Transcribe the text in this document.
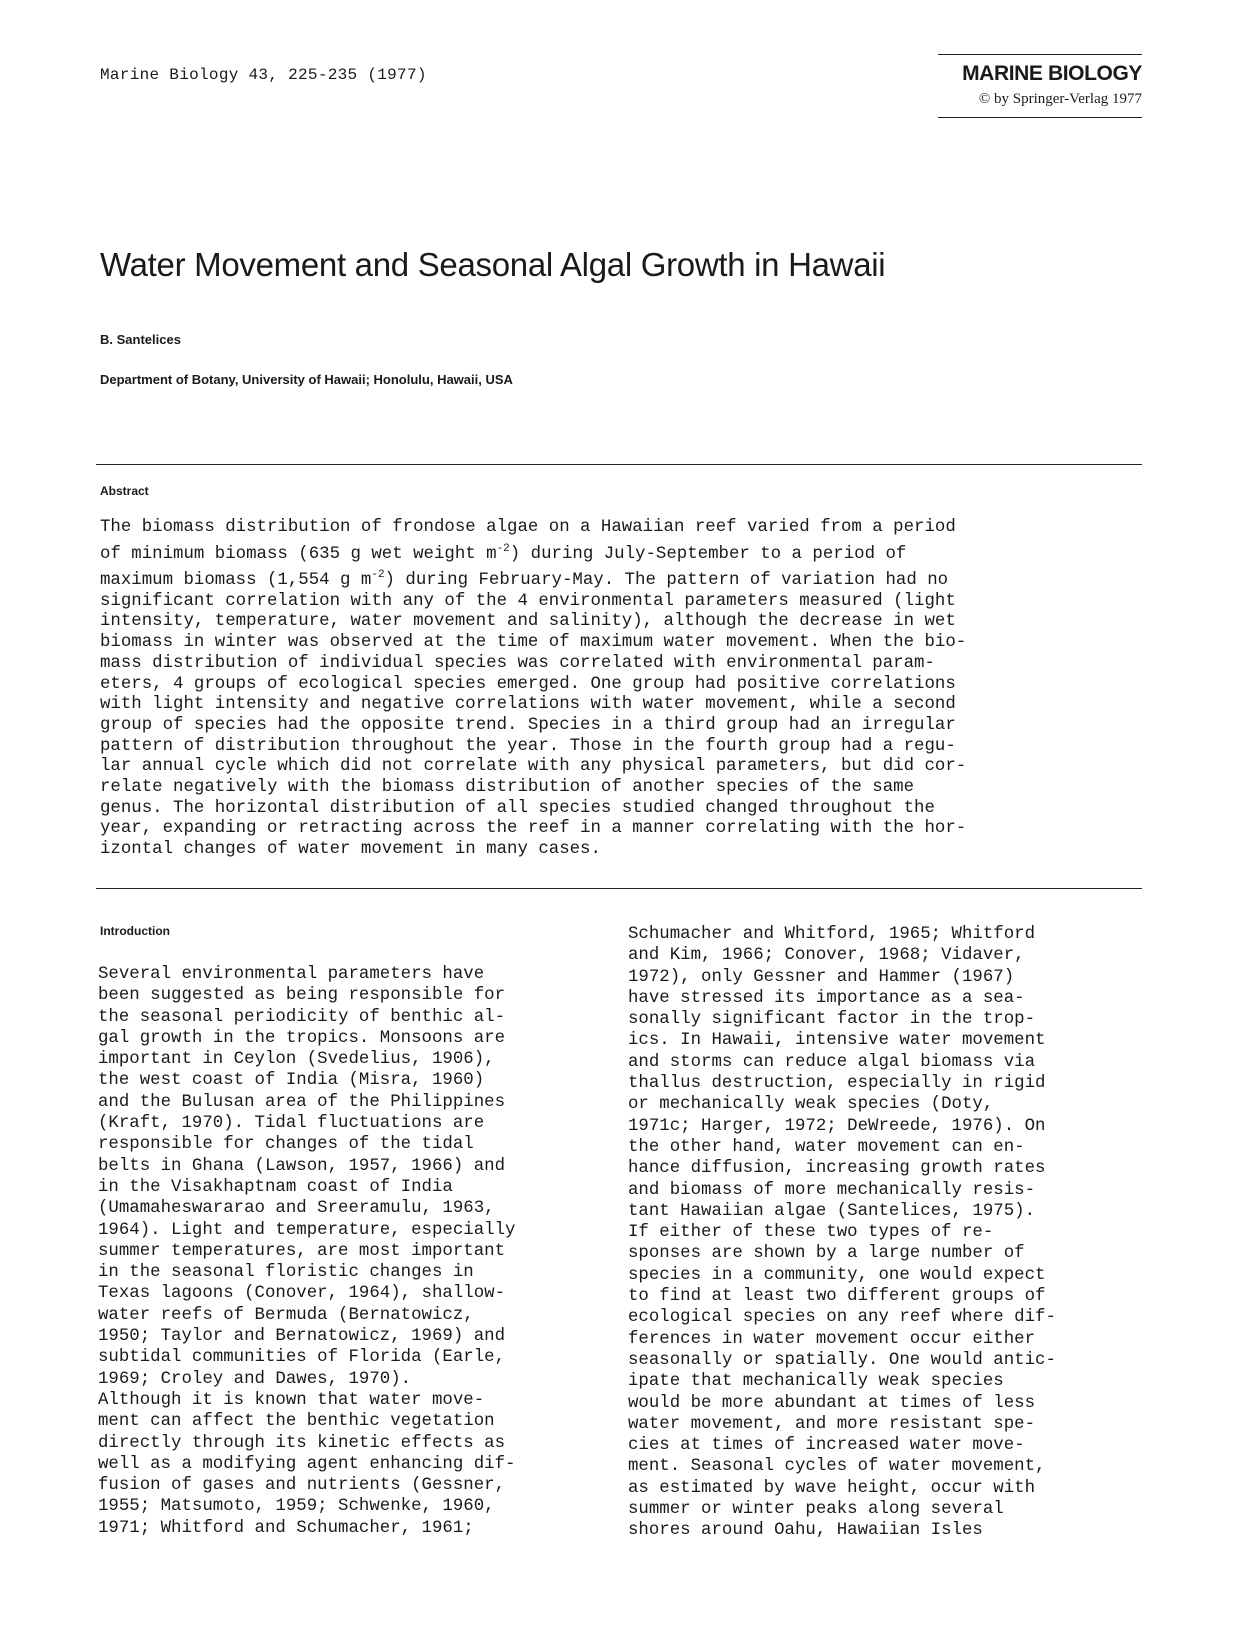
Marine Biology 43, 225-235 (1977)	MARINE BIOLOGY
© by Springer-Verlag 1977
Water Movement and Seasonal Algal Growth in Hawaii
B. Santelices
Department of Botany, University of Hawaii; Honolulu, Hawaii, USA
Abstract
The biomass distribution of frondose algae on a Hawaiian reef varied from a period
of minimum biomass (635 g wet weight $m^{-2}$) during July-September to a period of
maximum biomass (1,554 g $m^{-2}$) during February-May. The pattern of variation had no
significant correlation with any of the 4 environmental parameters measured (light
intensity, temperature, water movement and salinity), although the decrease in wet
biomass in winter was observed at the time of maximum water movement. When the bio-
mass distribution of individual species was correlated with environmental param-
eters, 4 groups of ecological species emerged. One group had positive correlations
with light intensity and negative correlations with water movement, while a second
group of species had the opposite trend. Species in a third group had an irregular
pattern of distribution throughout the year. Those in the fourth group had a regu-
lar annual cycle which did not correlate with any physical parameters, but did cor-
relate negatively with the biomass distribution of another species of the same
genus. The horizontal distribution of all species studied changed throughout the
year, expanding or retracting across the reef in a manner correlating with the hor-
izontal changes of water movement in many cases.
Introduction
Several environmental parameters have
been suggested as being responsible for
the seasonal periodicity of benthic al-
gal growth in the tropics. Monsoons are
important in Ceylon (Svedelius, 1906),
the west coast of India (Misra, 1960)
and the Bulusan area of the Philippines
(Kraft, 1970). Tidal fluctuations are
responsible for changes of the tidal
belts in Ghana (Lawson, 1957, 1966) and
in the Visakhaptnam coast of India
(Umamaheswararao and Sreeramulu, 1963,
1964). Light and temperature, especially
summer temperatures, are most important
in the seasonal floristic changes in
Texas lagoons (Conover, 1964), shallow-
water reefs of Bermuda (Bernatowicz,
1950; Taylor and Bernatowicz, 1969) and
subtidal communities of Florida (Earle,
1969; Croley and Dawes, 1970).
Although it is known that water move-
ment can affect the benthic vegetation
directly through its kinetic effects as
well as a modifying agent enhancing dif-
fusion of gases and nutrients (Gessner,
1955; Matsumoto, 1959; Schwenke, 1960,
1971; Whitford and Schumacher, 1961;
Schumacher and Whitford, 1965; Whitford
and Kim, 1966; Conover, 1968; Vidaver,
1972), only Gessner and Hammer (1967)
have stressed its importance as a sea-
sonally significant factor in the trop-
ics. In Hawaii, intensive water movement
and storms can reduce algal biomass via
thallus destruction, especially in rigid
or mechanically weak species (Doty,
1971c; Harger, 1972; DeWreede, 1976). On
the other hand, water movement can en-
hance diffusion, increasing growth rates
and biomass of more mechanically resis-
tant Hawaiian algae (Santelices, 1975).
If either of these two types of re-
sponses are shown by a large number of
species in a community, one would expect
to find at least two different groups of
ecological species on any reef where dif-
ferences in water movement occur either
seasonally or spatially. One would antic-
ipate that mechanically weak species
would be more abundant at times of less
water movement, and more resistant spe-
cies at times of increased water move-
ment. Seasonal cycles of water movement,
as estimated by wave height, occur with
summer or winter peaks along several
shores around Oahu, Hawaiian Isles
